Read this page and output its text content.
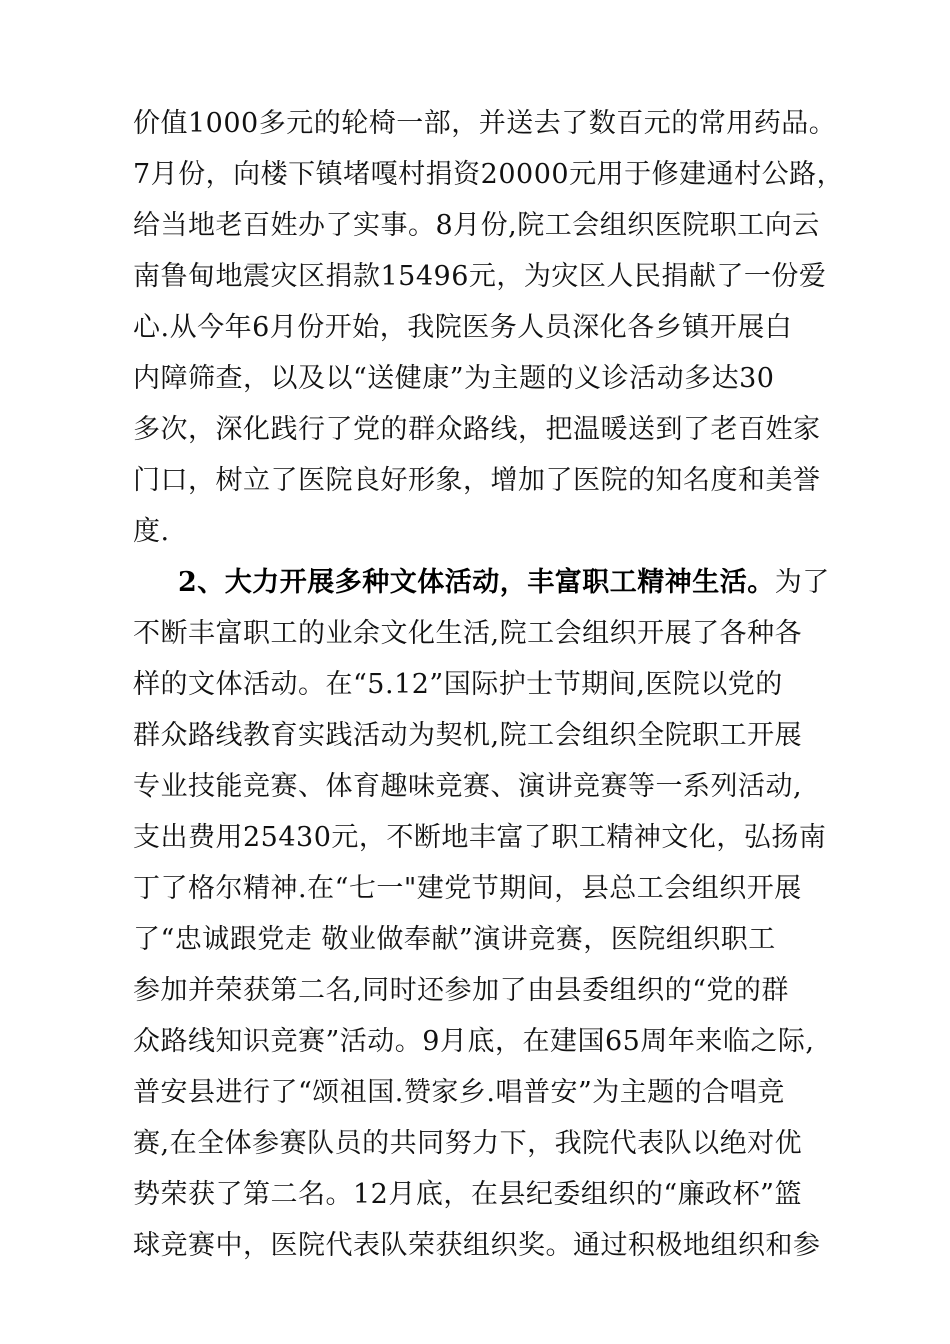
价值1000多元的轮椅一部，并送去了数百元的常用药品。
7月份，向楼下镇堵嘎村捐资20000元用于修建通村公路，
给当地老百姓办了实事。8月份,院工会组织医院职工向云
南鲁甸地震灾区捐款15496元，为灾区人民捐献了一份爱
心.从今年6月份开始，我院医务人员深化各乡镇开展白
内障筛查，以及以“送健康”为主题的义诊活动多达30
多次，深化践行了党的群众路线，把温暖送到了老百姓家
门口，树立了医院良好形象，增加了医院的知名度和美誉
度.
2、大力开展多种文体活动，丰富职工精神生活。为了
不断丰富职工的业余文化生活,院工会组织开展了各种各
样的文体活动。在“5.12”国际护士节期间,医院以党的
群众路线教育实践活动为契机,院工会组织全院职工开展
专业技能竞赛、体育趣味竞赛、演讲竞赛等一系列活动,
支出费用25430元，不断地丰富了职工精神文化，弘扬南
丁了格尔精神.在“七一"建党节期间，县总工会组织开展
了“忠诚跟党走 敬业做奉献”演讲竞赛，医院组织职工
参加并荣获第二名,同时还参加了由县委组织的“党的群
众路线知识竞赛”活动。9月底，在建国65周年来临之际,
普安县进行了“颂祖国.赞家乡.唱普安”为主题的合唱竞
赛,在全体参赛队员的共同努力下，我院代表队以绝对优
势荣获了第二名。12月底，在县纪委组织的“廉政杯”篮
球竞赛中，医院代表队荣获组织奖。通过积极地组织和参
